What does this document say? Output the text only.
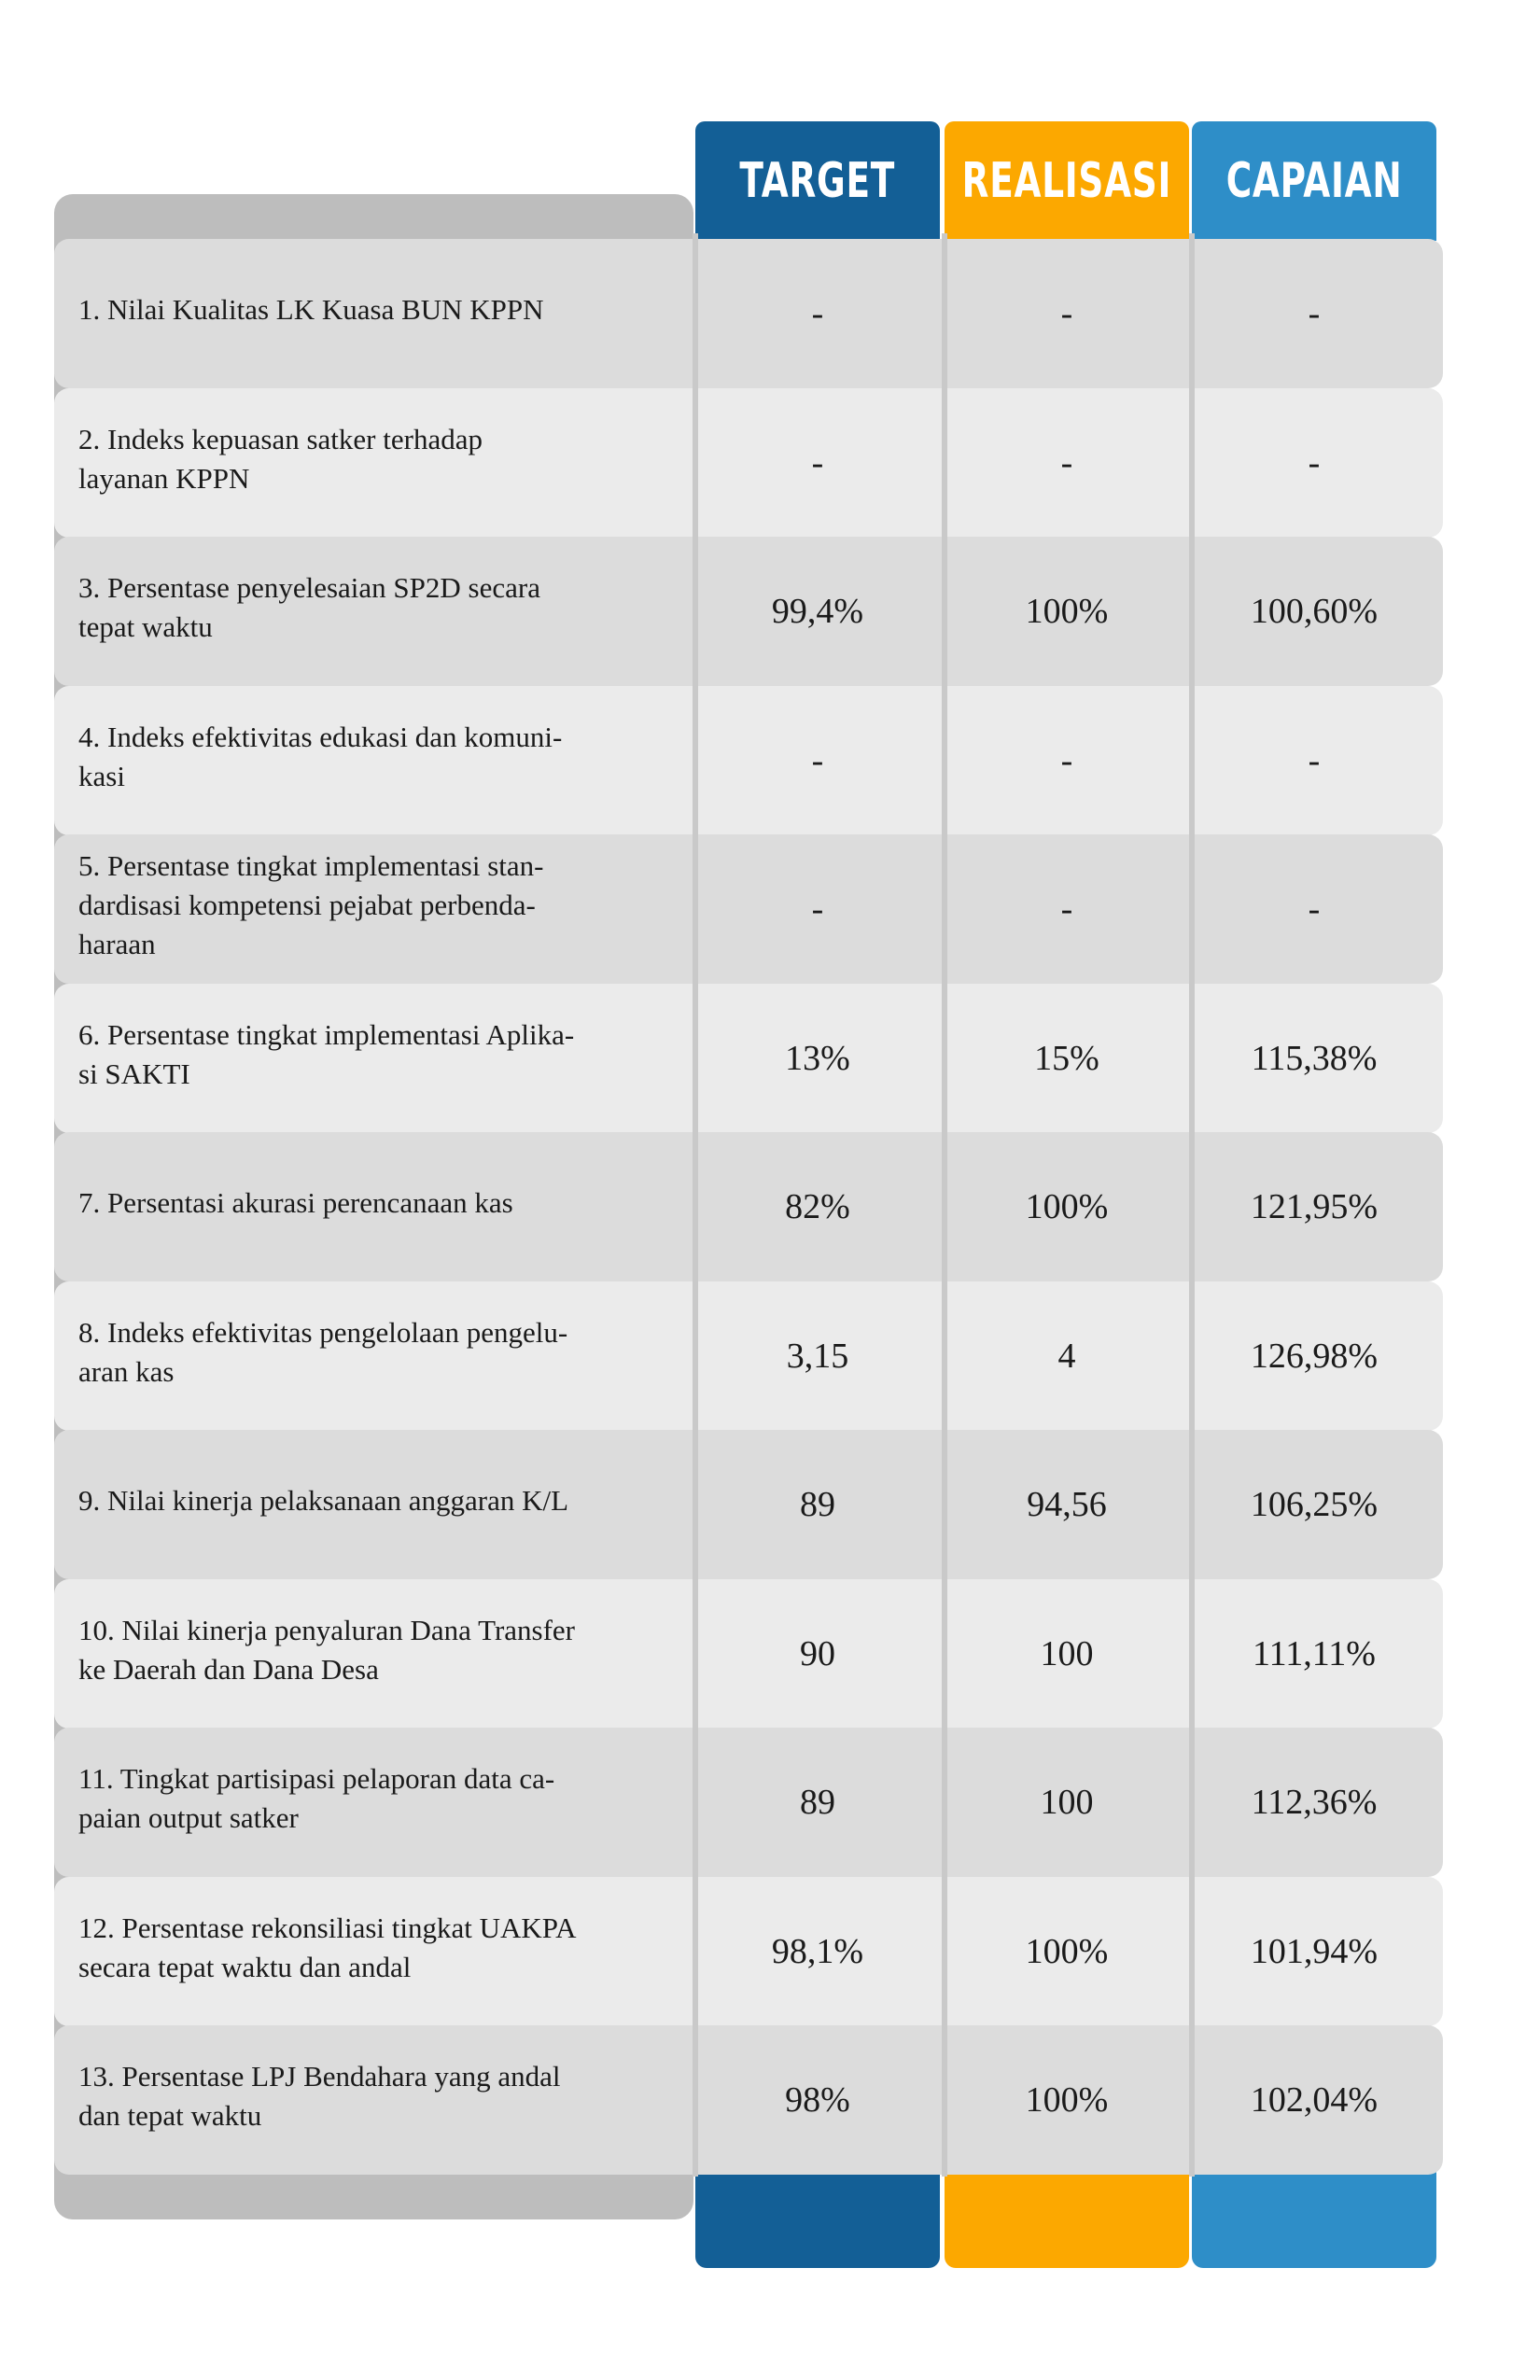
TARGET REALISASI CAPAIAN
1. Nilai Kualitas LK Kuasa BUN KPPN	-	-	-
2. Indeks kepuasan satker terhadap
layanan KPPN	-	-	-
3. Persentase penyelesaian SP2D secara
tepat waktu	99,4%	100%	100,60%
4. Indeks efektivitas edukasi dan komuni-
kasi	-	-	-
5. Persentase tingkat implementasi stan-
dardisasi kompetensi pejabat perbenda-
haraan
-	-	-
6. Persentase tingkat implementasi Aplika-
si SAKTI	13%	15%	115,38%
7. Persentasi akurasi perencanaan kas	82%	100%	121,95%
8. Indeks efektivitas pengelolaan pengelu-
aran kas	3,15	4	126,98%
9. Nilai kinerja pelaksanaan anggaran K/L	89	94,56	106,25%
10. Nilai kinerja penyaluran Dana Transfer
ke Daerah dan Dana Desa	90	100	111,11%
11. Tingkat partisipasi pelaporan data ca-
paian output satker	89	100	112,36%
12. Persentase rekonsiliasi tingkat UAKPA
secara tepat waktu dan andal	98,1%	100%	101,94%
13. Persentase LPJ Bendahara yang andal
dan tepat waktu	98%	100%	102,04%
